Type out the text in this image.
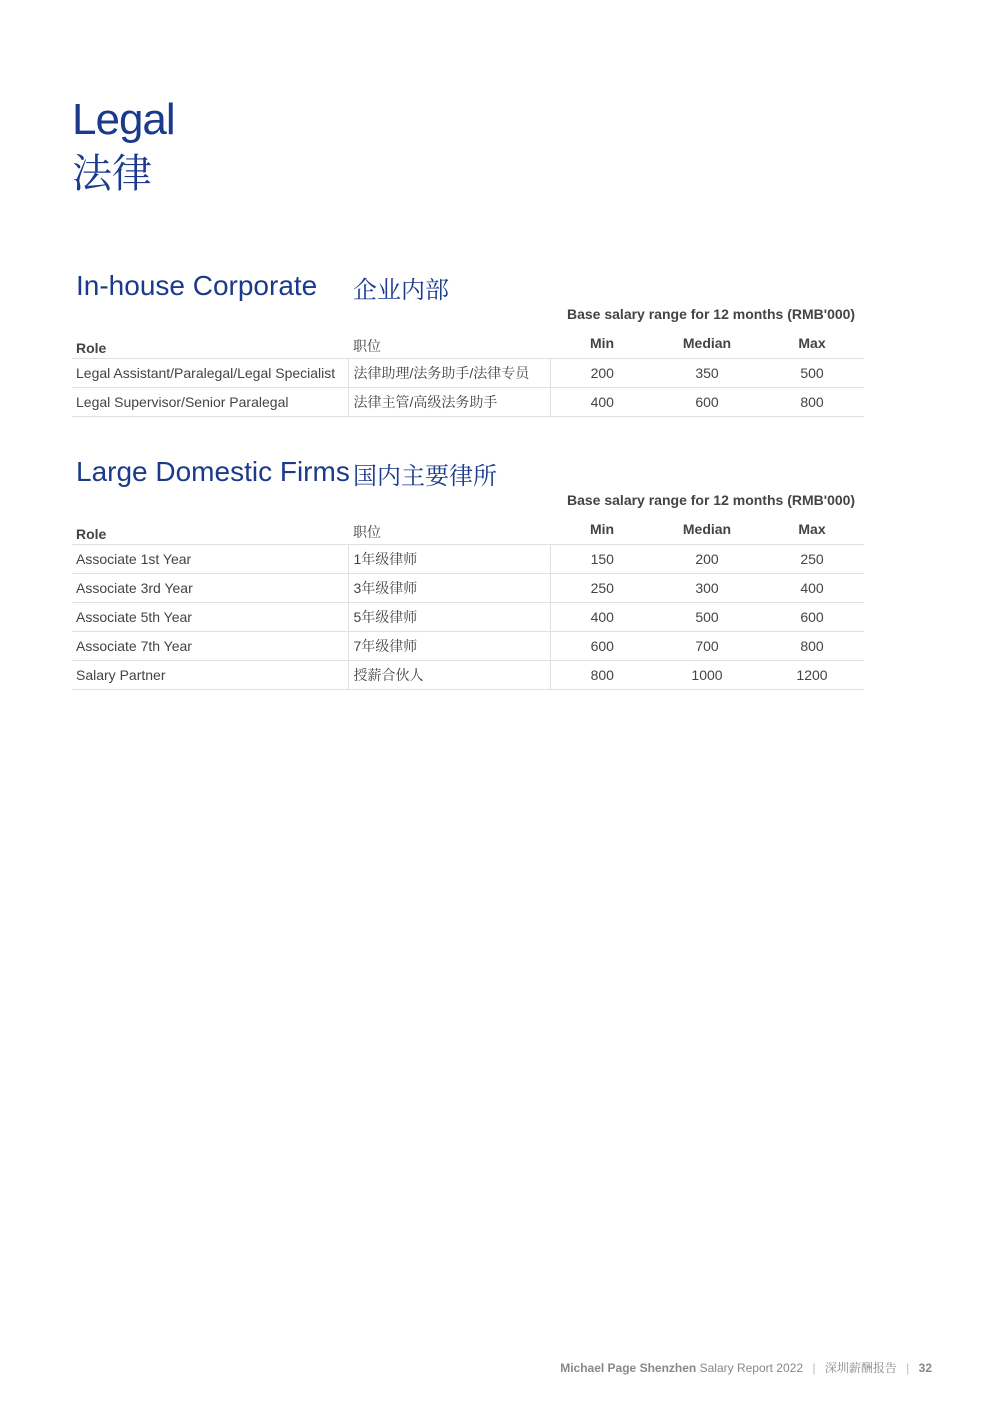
Legal
法律
In-house Corporate 企业内部
Base salary range for 12 months (RMB'000)
Role	职位	Min	Median	Max
Legal Assistant/Paralegal/Legal Specialist	法律助理/法务助手/法律专员	200	350	500
Legal Supervisor/Senior Paralegal	法律主管/高级法务助手	400	600	800
Large Domestic Firms 国内主要律所
Base salary range for 12 months (RMB'000)
Role	职位	Min	Median	Max
Associate 1st Year	1年级律师	150	200	250
Associate 3rd Year	3年级律师	250	300	400
Associate 5th Year	5年级律师	400	500	600
Associate 7th Year	7年级律师	600	700	800
Salary Partner	授薪合伙人	800	1000	1200
Michael Page Shenzhen Salary Report 2022 | 深圳薪酬报告 | 32
